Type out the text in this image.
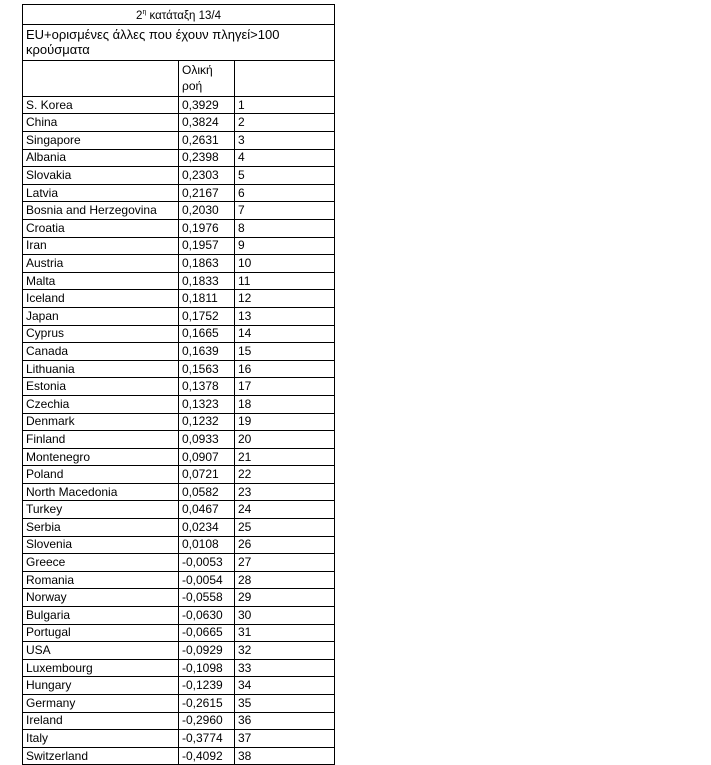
$2^\eta$ κατάταξη 13/4		
EU+ορισμένες άλλες που έχουν πληγεί>100 κρούσματα		
	Ολική ροή	
S. Korea	0,3929	1
China	0,3824	2
Singapore	0,2631	3
Albania	0,2398	4
Slovakia	0,2303	5
Latvia	0,2167	6
Bosnia and Herzegovina	0,2030	7
Croatia	0,1976	8
Iran	0,1957	9
Austria	0,1863	10
Malta	0,1833	11
Iceland	0,1811	12
Japan	0,1752	13
Cyprus	0,1665	14
Canada	0,1639	15
Lithuania	0,1563	16
Estonia	0,1378	17
Czechia	0,1323	18
Denmark	0,1232	19
Finland	0,0933	20
Montenegro	0,0907	21
Poland	0,0721	22
North Macedonia	0,0582	23
Turkey	0,0467	24
Serbia	0,0234	25
Slovenia	0,0108	26
Greece	-0,0053	27
Romania	-0,0054	28
Norway	-0,0558	29
Bulgaria	-0,0630	30
Portugal	-0,0665	31
USA	-0,0929	32
Luxembourg	-0,1098	33
Hungary	-0,1239	34
Germany	-0,2615	35
Ireland	-0,2960	36
Italy	-0,3774	37
Switzerland	-0,4092	38
